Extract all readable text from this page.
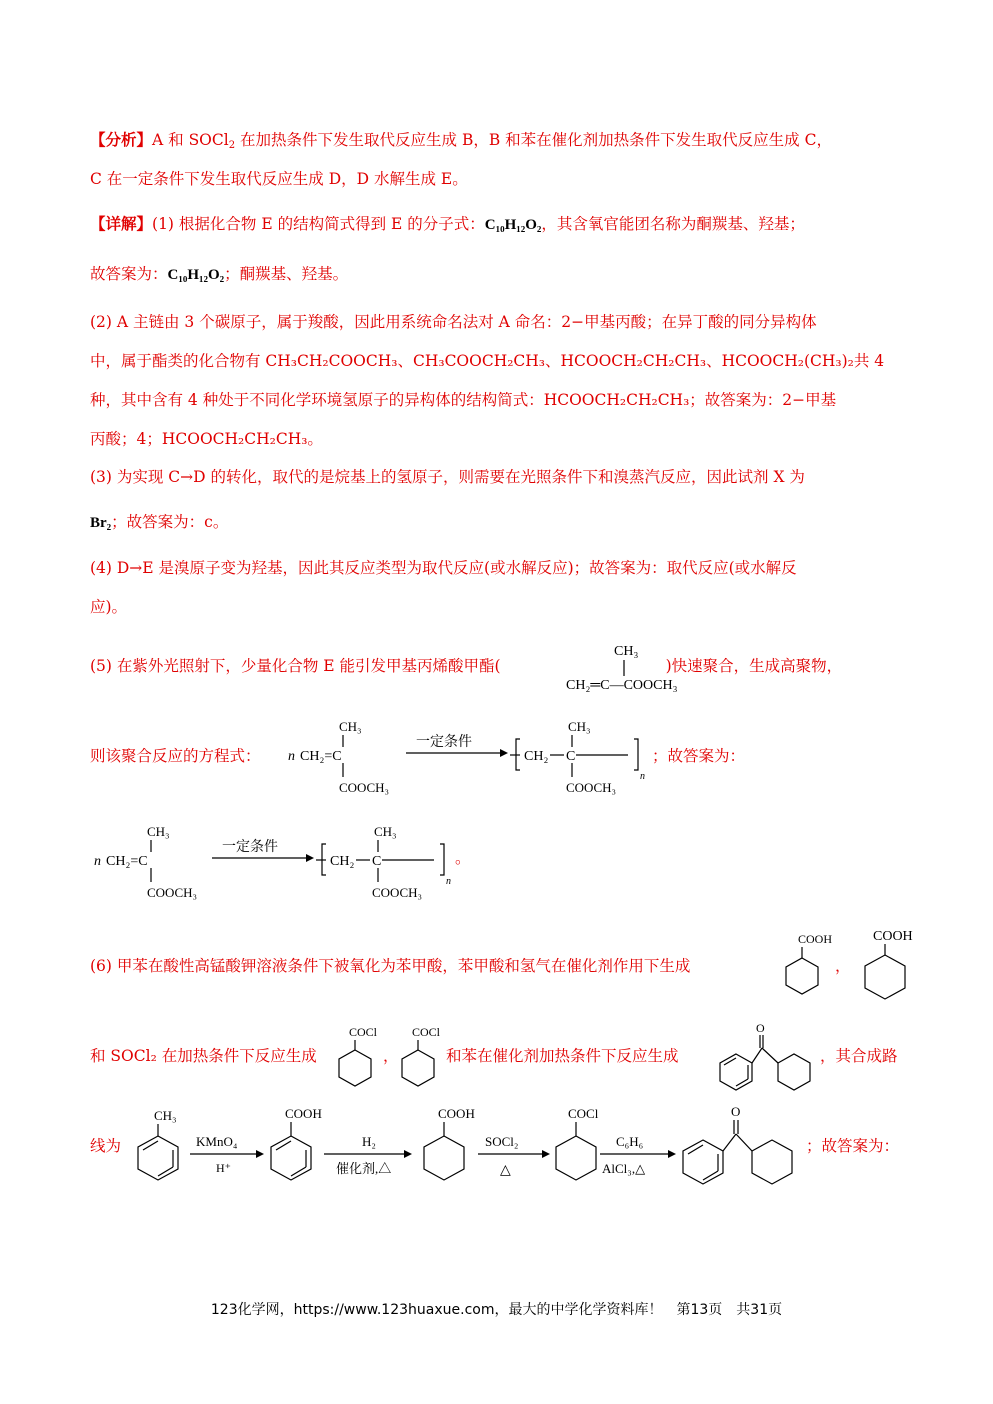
【分析】A 和 SOCl$_2$ 在加热条件下发生取代反应生成 B，B 和苯在催化剂加热条件下发生取代反应生成 C，
C 在一定条件下发生取代反应生成 D，D 水解生成 E。
【详解】(1) 根据化合物 E 的结构简式得到 E 的分子式：C₁₀H₁₂O₂，其含氧官能团名称为酮羰基、羟基；
故答案为：C₁₀H₁₂O₂；酮羰基、羟基。
(2) A 主链由 3 个碳原子，属于羧酸，因此用系统命名法对 A 命名：2−甲基丙酸；在异丁酸的同分异构体
中，属于酯类的化合物有 CH₃CH₂COOCH₃、CH₃COOCH₂CH₃、HCOOCH₂CH₂CH₃、HCOOCH₂(CH₃)₂共 4
种，其中含有 4 种处于不同化学环境氢原子的异构体的结构简式：HCOOCH₂CH₂CH₃；故答案为：2−甲基
丙酸；4；HCOOCH₂CH₂CH₃。
(3) 为实现 C→D 的转化，取代的是烷基上的氢原子，则需要在光照条件下和溴蒸汽反应，因此试剂 X 为
Br₂；故答案为：c。
(4) D→E 是溴原子变为羟基，因此其反应类型为取代反应(或水解反应)；故答案为：取代反应(或水解反
应)。
(5) 在紫外光照射下，少量化合物 E 能引发甲基丙烯酸甲酯(	)快速聚合，生成高聚物，
CH₃
CH₂═C—COOCH₃
则该聚合反应的方程式： n CH₂=C
CH₃
COOCH₃
一定条件
CH₂ C
CH₃
COOCH₃
n
；故答案为：
n CH₂=C
CH₃
COOCH₃
一定条件
CH₂ C
CH₃
COOCH₃
n
。
(6) 甲苯在酸性高锰酸钾溶液条件下被氧化为苯甲酸，苯甲酸和氢气在催化剂作用下生成
COOH
，
COOH
和 SOCl₂ 在加热条件下反应生成
COCl
，
COCl
和苯在催化剂加热条件下反应生成
O
，其合成路
线为
CH₃
KMnO₄
H⁺
COOH
H₂
催化剂,△
COOH
SOCl₂
△
COCl
C₆H₆
AlCl₃,△
O
；故答案为：
123化学网，https://www.123huaxue.com，最大的中学化学资料库！　第13页　共31页
